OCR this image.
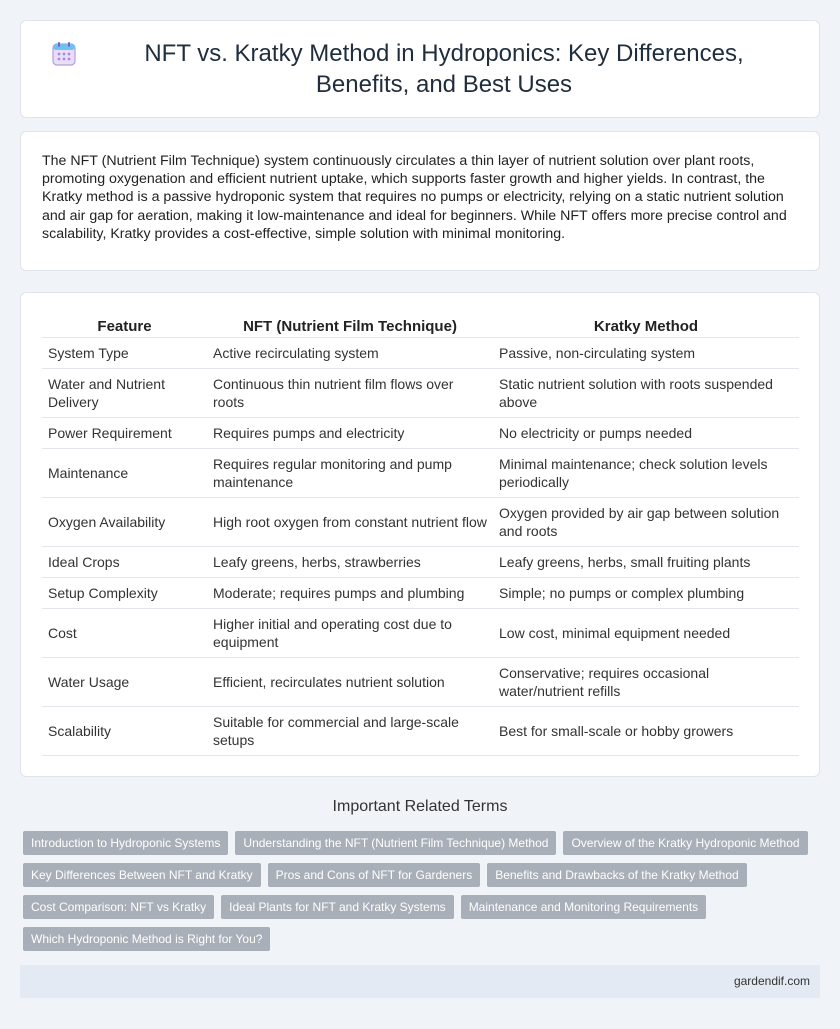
NFT vs. Kratky Method in Hydroponics: Key Differences, Benefits, and Best Uses

The NFT (Nutrient Film Technique) system continuously circulates a thin layer of nutrient solution over plant roots, promoting oxygenation and efficient nutrient uptake, which supports faster growth and higher yields. In contrast, the Kratky method is a passive hydroponic system that requires no pumps or electricity, relying on a static nutrient solution and air gap for aeration, making it low-maintenance and ideal for beginners. While NFT offers more precise control and scalability, Kratky provides a cost-effective, simple solution with minimal monitoring.

Feature	NFT (Nutrient Film Technique)	Kratky Method
System Type	Active recirculating system	Passive, non-circulating system
Water and Nutrient Delivery	Continuous thin nutrient film flows over roots	Static nutrient solution with roots suspended above
Power Requirement	Requires pumps and electricity	No electricity or pumps needed
Maintenance	Requires regular monitoring and pump maintenance	Minimal maintenance; check solution levels periodically
Oxygen Availability	High root oxygen from constant nutrient flow	Oxygen provided by air gap between solution and roots
Ideal Crops	Leafy greens, herbs, strawberries	Leafy greens, herbs, small fruiting plants
Setup Complexity	Moderate; requires pumps and plumbing	Simple; no pumps or complex plumbing
Cost	Higher initial and operating cost due to equipment	Low cost, minimal equipment needed
Water Usage	Efficient, recirculates nutrient solution	Conservative; requires occasional water/nutrient refills
Scalability	Suitable for commercial and large-scale setups	Best for small-scale or hobby growers
Important Related Terms
Introduction to Hydroponic Systems	Understanding the NFT (Nutrient Film Technique) Method	Overview of the Kratky Hydroponic Method
Key Differences Between NFT and Kratky	Pros and Cons of NFT for Gardeners	Benefits and Drawbacks of the Kratky Method
Cost Comparison: NFT vs Kratky	Ideal Plants for NFT and Kratky Systems	Maintenance and Monitoring Requirements
Which Hydroponic Method is Right for You?
gardendif.com
